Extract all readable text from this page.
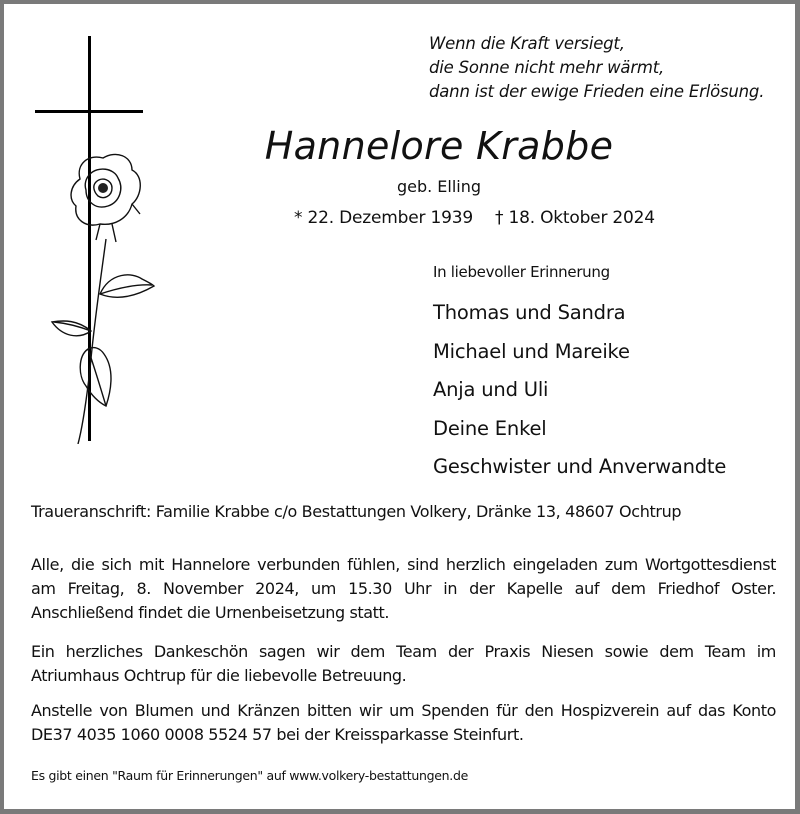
Wenn die Kraft versiegt,
die Sonne nicht mehr wärmt,
dann ist der ewige Frieden eine Erlösung.
Hannelore Krabbe
geb. Elling
* 22. Dezember 1939 † 18. Oktober 2024
In liebevoller Erinnerung
Thomas und Sandra
Michael und Mareike
Anja und Uli
Deine Enkel
Geschwister und Anverwandte
Traueranschrift: Familie Krabbe c/o Bestattungen Volkery, Dränke 13, 48607 Ochtrup
Alle, die sich mit Hannelore verbunden fühlen, sind herzlich eingeladen zum Wortgottesdienst am Freitag, 8. November 2024, um 15.30 Uhr in der Kapelle auf dem Friedhof Oster. Anschließend findet die Urnenbeisetzung statt.
Ein herzliches Dankeschön sagen wir dem Team der Praxis Niesen sowie dem Team im Atriumhaus Ochtrup für die liebevolle Betreuung.
Anstelle von Blumen und Kränzen bitten wir um Spenden für den Hospizverein auf das Konto DE37 4035 1060 0008 5524 57 bei der Kreissparkasse Steinfurt.
Es gibt einen "Raum für Erinnerungen" auf www.volkery-bestattungen.de
